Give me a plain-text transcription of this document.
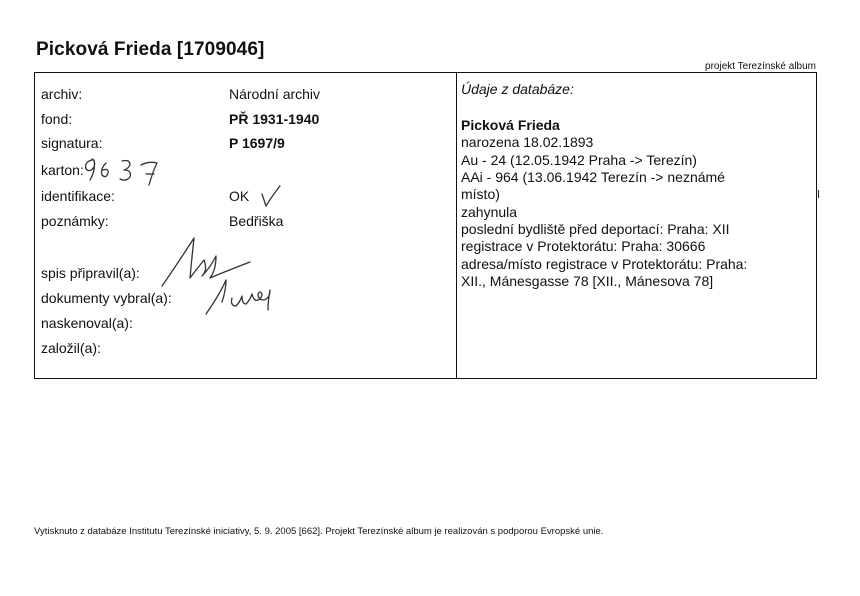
Picková Frieda [1709046]
projekt Terezínské album
archiv:
fond:
signatura:
karton:
identifikace:
poznámky:
Národní archiv
PŘ 1931-1940
P 1697/9
OK
Bedřiška
spis připravil(a):
dokumenty vybral(a):
naskenoval(a):
založil(a):
Údaje z databáze:
Picková Frieda
narozena 18.02.1893
Au - 24 (12.05.1942 Praha -> Terezín)
AAi - 964 (13.06.1942 Terezín -> neznámé
místo)
zahynula
poslední bydliště před deportací: Praha: XII
registrace v Protektorátu: Praha: 30666
adresa/místo registrace v Protektorátu: Praha:
XII., Mánesgasse 78 [XII., Mánesova 78]
Vytisknuto z databáze Institutu Terezínské iniciativy, 5. 9. 2005 [662]. Projekt Terezínské album je realizován s podporou Evropské unie.
